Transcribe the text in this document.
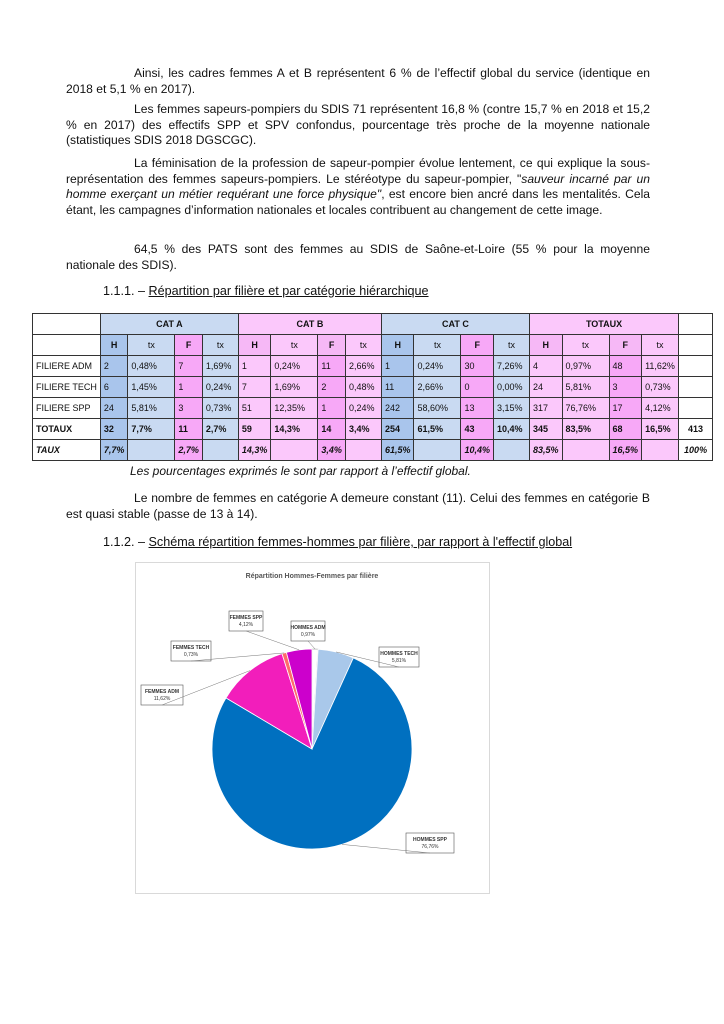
Ainsi, les cadres femmes A et B représentent 6 % de l’effectif global du service (identique en 2018 et 5,1 % en 2017).

Les femmes sapeurs-pompiers du SDIS 71 représentent 16,8 % (contre 15,7 % en 2018 et 15,2 % en 2017) des effectifs SPP et SPV confondus, pourcentage très proche de la moyenne nationale (statistiques SDIS 2018 DGSCGC).

La féminisation de la profession de sapeur-pompier évolue lentement, ce qui explique la sous-représentation des femmes sapeurs-pompiers. Le stéréotype du sapeur-pompier, "sauveur incarné par un homme exerçant un métier requérant une force physique", est encore bien ancré dans les mentalités. Cela étant, les campagnes d’information nationales et locales contribuent au changement de cette image.

64,5 % des PATS sont des femmes au SDIS de Saône-et-Loire (55 % pour la moyenne nationale des SDIS).

1.1.1. – Répartition par filière et par catégorie hiérarchique

	CAT A				CAT B				CAT C				TOTAUX				
	H	tx	F	tx	H	tx	F	tx	H	tx	F	tx	H	tx	F	tx	
FILIERE ADM	2	0,48%	7	1,69%	1	0,24%	11	2,66%	1	0,24%	30	7,26%	4	0,97%	48	11,62%	
FILIERE TECH	6	1,45%	1	0,24%	7	1,69%	2	0,48%	11	2,66%	0	0,00%	24	5,81%	3	0,73%	
FILIERE SPP	24	5,81%	3	0,73%	51	12,35%	1	0,24%	242	58,60%	13	3,15%	317	76,76%	17	4,12%	
TOTAUX	32	7,7%	11	2,7%	59	14,3%	14	3,4%	254	61,5%	43	10,4%	345	83,5%	68	16,5%	413
TAUX	7,7%		2,7%		14,3%		3,4%		61,5%		10,4%		83,5%		16,5%		100%

Les pourcentages exprimés le sont par rapport à l’effectif global.

Le nombre de femmes en catégorie A demeure constant (11). Celui des femmes en catégorie B est quasi stable (passe de 13 à 14).

1.1.2. – Schéma répartition femmes-hommes par filière, par rapport à l'effectif global

Répartition Hommes-Femmes par filière
HOMMES ADM
0,97%
HOMMES TECH
5,81%
HOMMES SPP
76,76%
FEMMES ADM
11,62%
FEMMES TECH
0,73%
FEMMES SPP
4,12%
